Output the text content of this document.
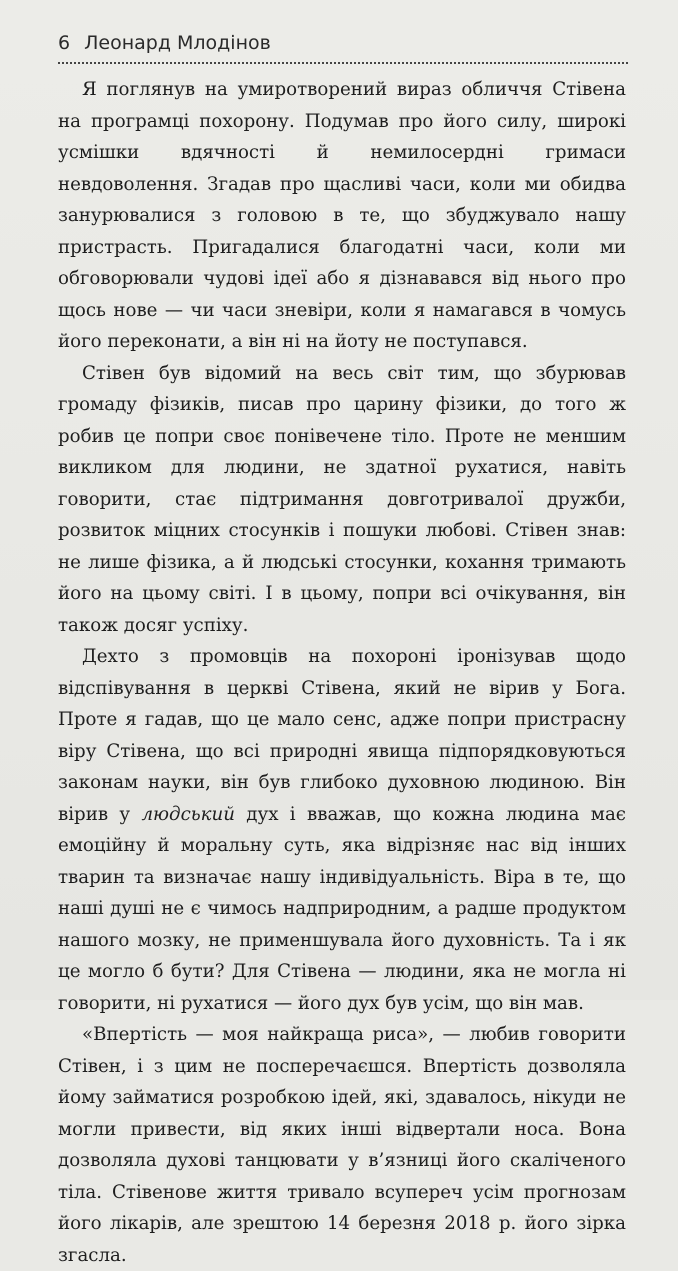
6 Леонард Млодінов

Я поглянув на умиротворений вираз обличчя Стівена на програмці похорону. Подумав про його силу, широкі усмішки вдячності й немилосердні гримаси невдоволення. Згадав про щасливі часи, коли ми обидва занурювалися з головою в те, що збуджувало нашу пристрасть. Пригадалися благодатні часи, коли ми обговорювали чудові ідеї або я дізнавався від нього про щось нове — чи часи зневіри, коли я намагався в чомусь його переконати, а він ні на йоту не поступався.

Стівен був відомий на весь світ тим, що збурював громаду фізиків, писав про царину фізики, до того ж робив це попри своє понівечене тіло. Проте не меншим викликом для людини, не здатної рухатися, навіть говорити, стає підтримання довготривалої дружби, розвиток міцних стосунків і пошуки любові. Стівен знав: не лише фізика, а й людські стосунки, кохання тримають його на цьому світі. І в цьому, попри всі очікування, він також досяг успіху.

Дехто з промовців на похороні іронізував щодо відспівування в церкві Стівена, який не вірив у Бога. Проте я гадав, що це мало сенс, адже попри пристрасну віру Стівена, що всі природні явища підпорядковуються законам науки, він був глибоко духовною людиною. Він вірив у людський дух і вважав, що кожна людина має емоційну й моральну суть, яка відрізняє нас від інших тварин та визначає нашу індивідуальність. Віра в те, що наші душі не є чимось надприродним, а радше продуктом нашого мозку, не применшувала його духовність. Та і як це могло б бути? Для Стівена — людини, яка не могла ні говорити, ні рухатися — його дух був усім, що він мав.

«Впертість — моя найкраща риса», — любив говорити Стівен, і з цим не посперечаєшся. Впертість дозволяла йому займатися розробкою ідей, які, здавалось, нікуди не могли привести, від яких інші відвертали носа. Вона дозволяла духові танцювати у в’язниці його скаліченого тіла. Стівенове життя тривало всупереч усім прогнозам його лікарів, але зрештою 14 березня 2018 р. його зірка згасла.
